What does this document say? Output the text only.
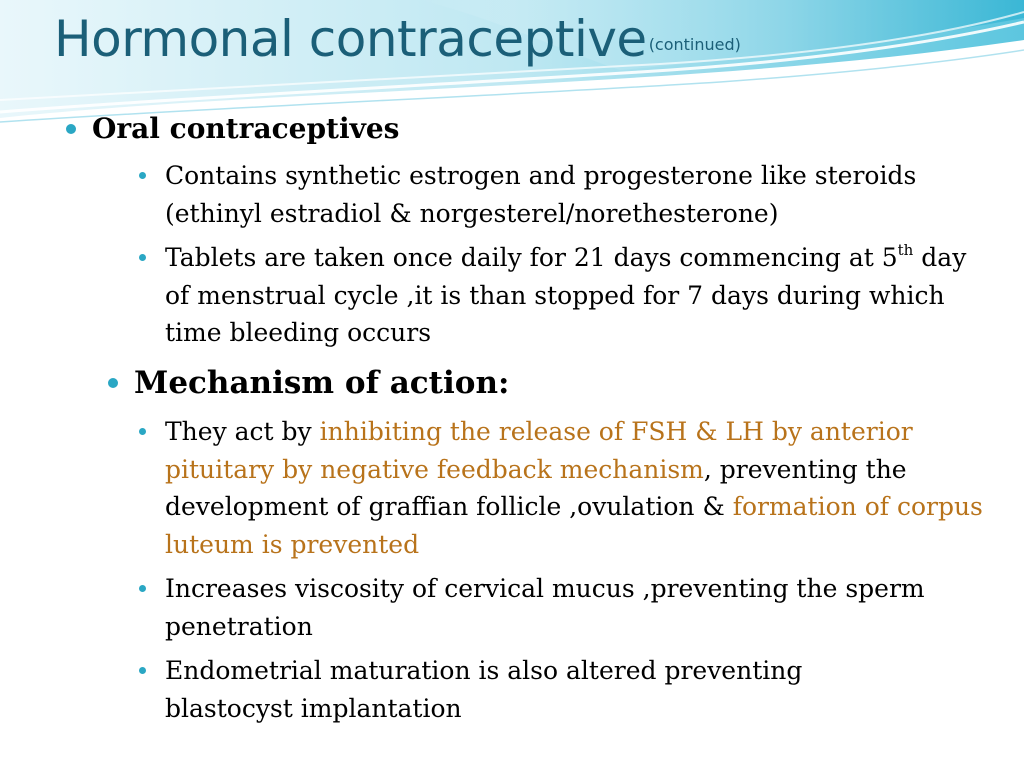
Hormonal contraceptive $^{(continued)}$
Oral contraceptives
Contains synthetic estrogen and progesterone like steroids (ethinyl estradiol & norgesterel/norethesterone)
Tablets are taken once daily for 21 days commencing at 5th day of menstrual cycle ,it is than stopped for 7 days during which time bleeding occurs
Mechanism of action:
They act by inhibiting the release of FSH & LH by anterior pituitary by negative feedback mechanism, preventing the development of graffian follicle ,ovulation & formation of corpus luteum is prevented
Increases viscosity of cervical mucus ,preventing the sperm penetration
Endometrial maturation is also altered preventing blastocyst implantation
